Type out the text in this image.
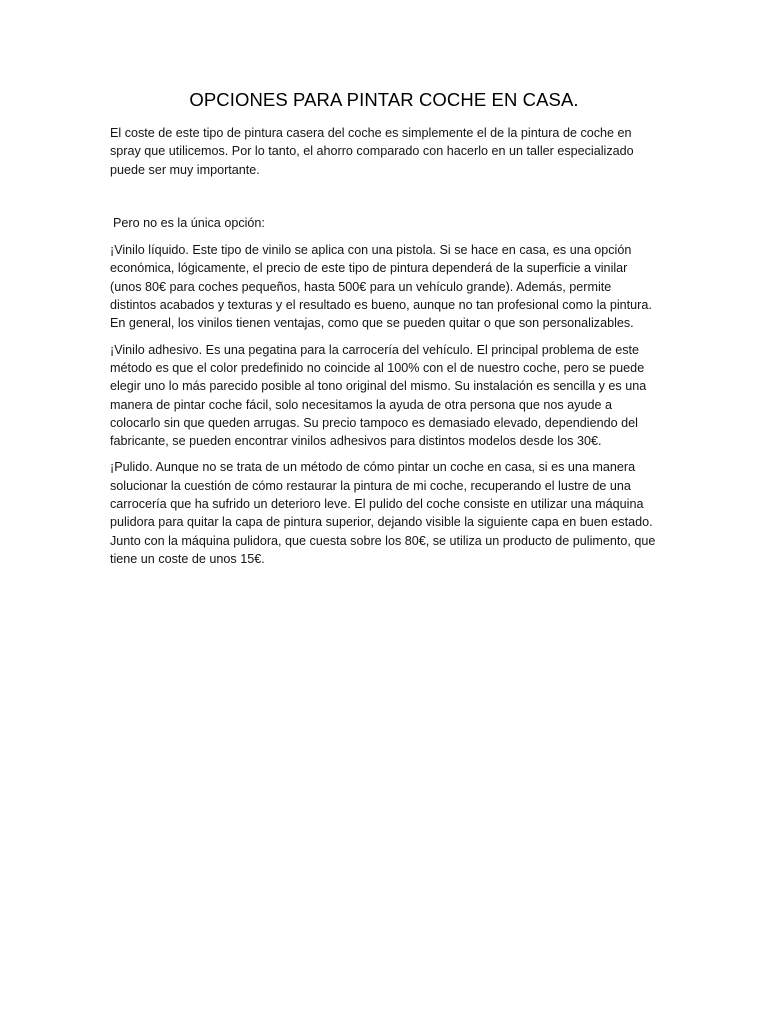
OPCIONES PARA PINTAR COCHE EN CASA.

El coste de este tipo de pintura casera del coche es simplemente el de la pintura de coche en spray que utilicemos. Por lo tanto, el ahorro comparado con hacerlo en un taller especializado puede ser muy importante.

Pero no es la única opción:

¡Vinilo líquido. Este tipo de vinilo se aplica con una pistola. Si se hace en casa, es una opción económica, lógicamente, el precio de este tipo de pintura dependerá de la superficie a vinilar (unos 80€ para coches pequeños, hasta 500€ para un vehículo grande). Además, permite distintos acabados y texturas y el resultado es bueno, aunque no tan profesional como la pintura. En general, los vinilos tienen ventajas, como que se pueden quitar o que son personalizables.

¡Vinilo adhesivo. Es una pegatina para la carrocería del vehículo. El principal problema de este método es que el color predefinido no coincide al 100% con el de nuestro coche, pero se puede elegir uno lo más parecido posible al tono original del mismo. Su instalación es sencilla y es una manera de pintar coche fácil, solo necesitamos la ayuda de otra persona que nos ayude a colocarlo sin que queden arrugas. Su precio tampoco es demasiado elevado, dependiendo del fabricante, se pueden encontrar vinilos adhesivos para distintos modelos desde los 30€.

¡Pulido. Aunque no se trata de un método de cómo pintar un coche en casa, si es una manera solucionar la cuestión de cómo restaurar la pintura de mi coche, recuperando el lustre de una carrocería que ha sufrido un deterioro leve. El pulido del coche consiste en utilizar una máquina pulidora para quitar la capa de pintura superior, dejando visible la siguiente capa en buen estado. Junto con la máquina pulidora, que cuesta sobre los 80€, se utiliza un producto de pulimento, que tiene un coste de unos 15€.
